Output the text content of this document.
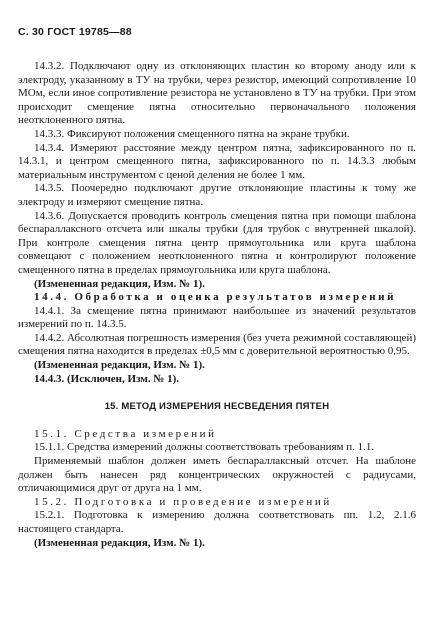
С. 30 ГОСТ 19785—88

14.3.2. Подключают одну из отклоняющих пластин ко второму аноду или к электроду, указанному в ТУ на трубки, через резистор, имеющий сопротивление 10 МОм, если иное сопротивление резистора не установлено в ТУ на трубки. При этом происходит смещение пятна относительно первоначального положения неотклоненного пятна.

14.3.3. Фиксируют положения смещенного пятна на экране трубки.

14.3.4. Измеряют расстояние между центром пятна, зафиксированного по п. 14.3.1, и центром смещенного пятна, зафиксированного по п. 14.3.3 любым материальным инструментом с ценой деления не более 1 мм.

14.3.5. Поочередно подключают другие отклоняющие пластины к тому же электроду и измеряют смещение пятна.

14.3.6. Допускается проводить контроль смещения пятна при помощи шаблона беспараллаксного отсчета или шкалы трубки (для трубок с внутренней шкалой). При контроле смещения пятна центр прямоугольника или круга шаблона совмещают с положением неотклоненного пятна и контролируют положение смещенного пятна в пределах прямоугольника или круга шаблона.

(Измененная редакция, Изм. № 1).

14.4. Обработка и оценка результатов измерений

14.4.1. За смещение пятна принимают наибольшее из значений результатов измерений по п. 14.3.5.

14.4.2. Абсолютная погрешность измерения (без учета режимной составляющей) смещения пятна находится в пределах ±0,5 мм с доверительной вероятностью 0,95.

(Измененная редакция, Изм. № 1).

14.4.3. (Исключен, Изм. № 1).

15. МЕТОД ИЗМЕРЕНИЯ НЕСВЕДЕНИЯ ПЯТЕН

15.1. Средства измерений

15.1.1. Средства измерений должны соответствовать требованиям п. 1.1.

Применяемый шаблон должен иметь беспараллаксный отсчет. На шаблоне должен быть нанесен ряд концентрических окружностей с радиусами, отличающимися друг от друга на 1 мм.

15.2. Подготовка и проведение измерений

15.2.1. Подготовка к измерению должна соответствовать пп. 1.2, 2.1.6 настоящего стандарта.

(Измененная редакция, Изм. № 1).
